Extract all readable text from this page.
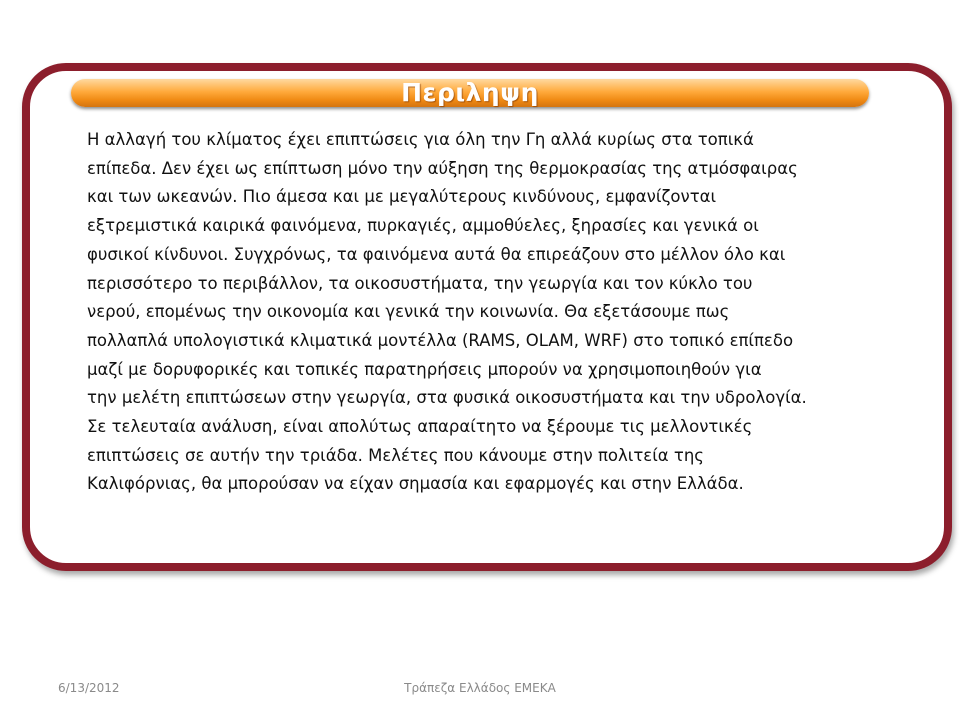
Περιληψη
Η αλλαγή του κλίματος έχει επιπτώσεις για όλη την Γη αλλά κυρίως στα τοπικά
επίπεδα. Δεν έχει ως επίπτωση μόνο την αύξηση της θερμοκρασίας της ατμόσφαιρας
και των ωκεανών. Πιο άμεσα και με μεγαλύτερους κινδύνους, εμφανίζονται
εξτρεμιστικά καιρικά φαινόμενα, πυρκαγιές, αμμοθύελες, ξηρασίες και γενικά οι
φυσικοί κίνδυνοι. Συγχρόνως, τα φαινόμενα αυτά θα επιρεάζουν στο μέλλον όλο και
περισσότερο το περιβάλλον, τα οικοσυστήματα, την γεωργία και τον κύκλο του
νερού, επομένως την οικονομία και γενικά την κοινωνία. Θα εξετάσουμε πως
πολλαπλά υπολογιστικά κλιματικά μοντέλλα (RAMS, OLAM, WRF) στο τοπικό επίπεδο
μαζί με δορυφορικές και τοπικές παρατηρήσεις μπορούν να χρησιμοποιηθούν για
την μελέτη επιπτώσεων στην γεωργία, στα φυσικά οικοσυστήματα και την υδρολογία.
Σε τελευταία ανάλυση, είναι απολύτως απαραίτητο να ξέρουμε τις μελλοντικές
επιπτώσεις σε αυτήν την τριάδα. Μελέτες που κάνουμε στην πολιτεία της
Καλιφόρνιας, θα μπορούσαν να είχαν σημασία και εφαρμογές και στην Ελλάδα.
6/13/2012	Τράπεζα Ελλάδος ΕΜΕΚΑ
